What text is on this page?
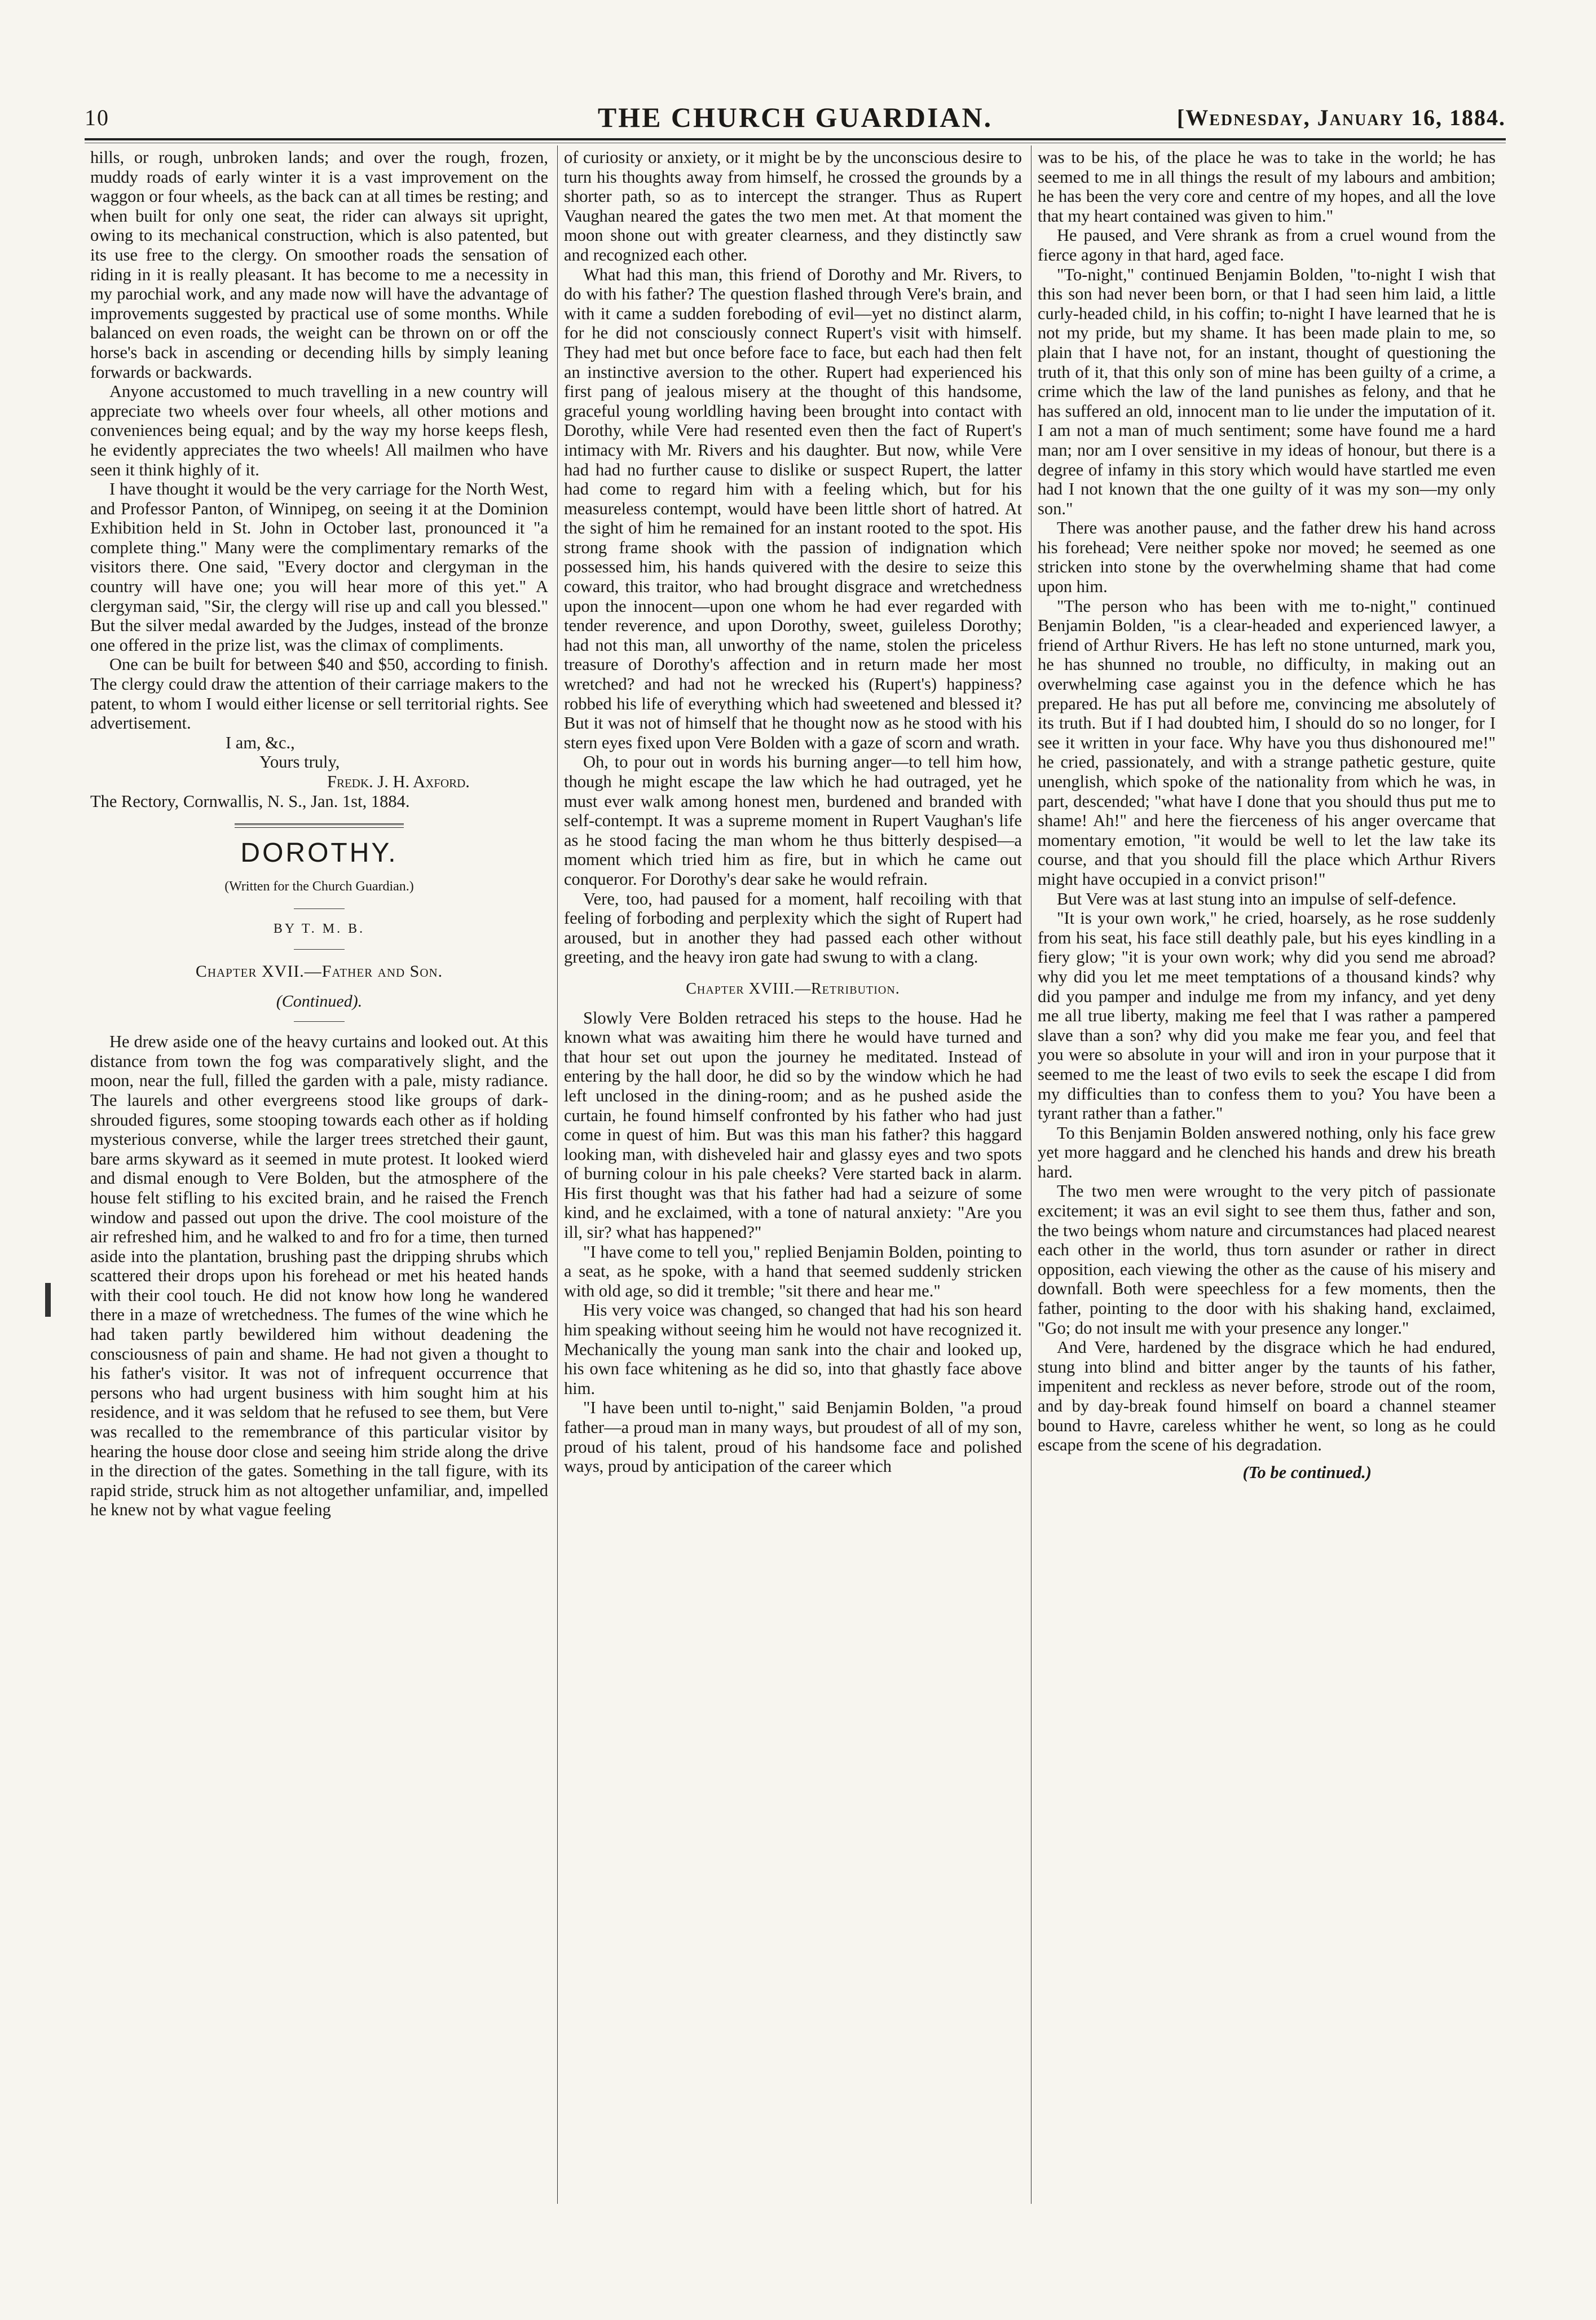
10	THE CHURCH GUARDIAN.	[Wednesday, January 16, 1884.

hills, or rough, unbroken lands; and over the rough, frozen, muddy roads of early winter it is a vast improvement on the waggon or four wheels, as the back can at all times be resting; and when built for only one seat, the rider can always sit upright, owing to its mechanical construction, which is also patented, but its use free to the clergy. On smoother roads the sensation of riding in it is really pleasant. It has become to me a necessity in my parochial work, and any made now will have the advantage of improvements suggested by practical use of some months. While balanced on even roads, the weight can be thrown on or off the horse's back in ascending or decending hills by simply leaning forwards or backwards.

Anyone accustomed to much travelling in a new country will appreciate two wheels over four wheels, all other motions and conveniences being equal; and by the way my horse keeps flesh, he evidently appreciates the two wheels! All mailmen who have seen it think highly of it.

I have thought it would be the very carriage for the North West, and Professor Panton, of Winnipeg, on seeing it at the Dominion Exhibition held in St. John in October last, pronounced it "a complete thing." Many were the complimentary remarks of the visitors there. One said, "Every doctor and clergyman in the country will have one; you will hear more of this yet." A clergyman said, "Sir, the clergy will rise up and call you blessed." But the silver medal awarded by the Judges, instead of the bronze one offered in the prize list, was the climax of compliments.

One can be built for between $40 and $50, according to finish. The clergy could draw the attention of their carriage makers to the patent, to whom I would either license or sell territorial rights. See advertisement.

I am, &c.,
Yours truly,
Fredk. J. H. Axford.
The Rectory, Cornwallis, N. S., Jan. 1st, 1884.
DOROTHY.
(Written for the Church Guardian.)
BY T. M. B.
Chapter XVII.—Father and Son.
(Continued).

He drew aside one of the heavy curtains and looked out. At this distance from town the fog was comparatively slight, and the moon, near the full, filled the garden with a pale, misty radiance. The laurels and other evergreens stood like groups of dark-shrouded figures, some stooping towards each other as if holding mysterious converse, while the larger trees stretched their gaunt, bare arms skyward as it seemed in mute protest. It looked wierd and dismal enough to Vere Bolden, but the atmosphere of the house felt stifling to his excited brain, and he raised the French window and passed out upon the drive. The cool moisture of the air refreshed him, and he walked to and fro for a time, then turned aside into the plantation, brushing past the dripping shrubs which scattered their drops upon his forehead or met his heated hands with their cool touch. He did not know how long he wandered there in a maze of wretchedness. The fumes of the wine which he had taken partly bewildered him without deadening the consciousness of pain and shame. He had not given a thought to his father's visitor. It was not of infrequent occurrence that persons who had urgent business with him sought him at his residence, and it was seldom that he refused to see them, but Vere was recalled to the remembrance of this particular visitor by hearing the house door close and seeing him stride along the drive in the direction of the gates. Something in the tall figure, with its rapid stride, struck him as not altogether unfamiliar, and, impelled he knew not by what vague feeling

of curiosity or anxiety, or it might be by the unconscious desire to turn his thoughts away from himself, he crossed the grounds by a shorter path, so as to intercept the stranger. Thus as Rupert Vaughan neared the gates the two men met. At that moment the moon shone out with greater clearness, and they distinctly saw and recognized each other.

What had this man, this friend of Dorothy and Mr. Rivers, to do with his father? The question flashed through Vere's brain, and with it came a sudden foreboding of evil—yet no distinct alarm, for he did not consciously connect Rupert's visit with himself. They had met but once before face to face, but each had then felt an instinctive aversion to the other. Rupert had experienced his first pang of jealous misery at the thought of this handsome, graceful young worldling having been brought into contact with Dorothy, while Vere had resented even then the fact of Rupert's intimacy with Mr. Rivers and his daughter. But now, while Vere had had no further cause to dislike or suspect Rupert, the latter had come to regard him with a feeling which, but for his measureless contempt, would have been little short of hatred. At the sight of him he remained for an instant rooted to the spot. His strong frame shook with the passion of indignation which possessed him, his hands quivered with the desire to seize this coward, this traitor, who had brought disgrace and wretchedness upon the innocent—upon one whom he had ever regarded with tender reverence, and upon Dorothy, sweet, guileless Dorothy; had not this man, all unworthy of the name, stolen the priceless treasure of Dorothy's affection and in return made her most wretched? and had not he wrecked his (Rupert's) happiness? robbed his life of everything which had sweetened and blessed it? But it was not of himself that he thought now as he stood with his stern eyes fixed upon Vere Bolden with a gaze of scorn and wrath.

Oh, to pour out in words his burning anger—to tell him how, though he might escape the law which he had outraged, yet he must ever walk among honest men, burdened and branded with self-contempt. It was a supreme moment in Rupert Vaughan's life as he stood facing the man whom he thus bitterly despised—a moment which tried him as fire, but in which he came out conqueror. For Dorothy's dear sake he would refrain.

Vere, too, had paused for a moment, half recoiling with that feeling of forboding and perplexity which the sight of Rupert had aroused, but in another they had passed each other without greeting, and the heavy iron gate had swung to with a clang.

Chapter XVIII.—Retribution.

Slowly Vere Bolden retraced his steps to the house. Had he known what was awaiting him there he would have turned and that hour set out upon the journey he meditated. Instead of entering by the hall door, he did so by the window which he had left unclosed in the dining-room; and as he pushed aside the curtain, he found himself confronted by his father who had just come in quest of him. But was this man his father? this haggard looking man, with disheveled hair and glassy eyes and two spots of burning colour in his pale cheeks? Vere started back in alarm. His first thought was that his father had had a seizure of some kind, and he exclaimed, with a tone of natural anxiety: "Are you ill, sir? what has happened?"

"I have come to tell you," replied Benjamin Bolden, pointing to a seat, as he spoke, with a hand that seemed suddenly stricken with old age, so did it tremble; "sit there and hear me."

His very voice was changed, so changed that had his son heard him speaking without seeing him he would not have recognized it. Mechanically the young man sank into the chair and looked up, his own face whitening as he did so, into that ghastly face above him.

"I have been until to-night," said Benjamin Bolden, "a proud father—a proud man in many ways, but proudest of all of my son, proud of his talent, proud of his handsome face and polished ways, proud by anticipation of the career which

was to be his, of the place he was to take in the world; he has seemed to me in all things the result of my labours and ambition; he has been the very core and centre of my hopes, and all the love that my heart contained was given to him."

He paused, and Vere shrank as from a cruel wound from the fierce agony in that hard, aged face.

"To-night," continued Benjamin Bolden, "to-night I wish that this son had never been born, or that I had seen him laid, a little curly-headed child, in his coffin; to-night I have learned that he is not my pride, but my shame. It has been made plain to me, so plain that I have not, for an instant, thought of questioning the truth of it, that this only son of mine has been guilty of a crime, a crime which the law of the land punishes as felony, and that he has suffered an old, innocent man to lie under the imputation of it. I am not a man of much sentiment; some have found me a hard man; nor am I over sensitive in my ideas of honour, but there is a degree of infamy in this story which would have startled me even had I not known that the one guilty of it was my son—my only son."

There was another pause, and the father drew his hand across his forehead; Vere neither spoke nor moved; he seemed as one stricken into stone by the overwhelming shame that had come upon him.

"The person who has been with me to-night," continued Benjamin Bolden, "is a clear-headed and experienced lawyer, a friend of Arthur Rivers. He has left no stone unturned, mark you, he has shunned no trouble, no difficulty, in making out an overwhelming case against you in the defence which he has prepared. He has put all before me, convincing me absolutely of its truth. But if I had doubted him, I should do so no longer, for I see it written in your face. Why have you thus dishonoured me!" he cried, passionately, and with a strange pathetic gesture, quite unenglish, which spoke of the nationality from which he was, in part, descended; "what have I done that you should thus put me to shame! Ah!" and here the fierceness of his anger overcame that momentary emotion, "it would be well to let the law take its course, and that you should fill the place which Arthur Rivers might have occupied in a convict prison!"

But Vere was at last stung into an impulse of self-defence.

"It is your own work," he cried, hoarsely, as he rose suddenly from his seat, his face still deathly pale, but his eyes kindling in a fiery glow; "it is your own work; why did you send me abroad? why did you let me meet temptations of a thousand kinds? why did you pamper and indulge me from my infancy, and yet deny me all true liberty, making me feel that I was rather a pampered slave than a son? why did you make me fear you, and feel that you were so absolute in your will and iron in your purpose that it seemed to me the least of two evils to seek the escape I did from my difficulties than to confess them to you? You have been a tyrant rather than a father."

To this Benjamin Bolden answered nothing, only his face grew yet more haggard and he clenched his hands and drew his breath hard.

The two men were wrought to the very pitch of passionate excitement; it was an evil sight to see them thus, father and son, the two beings whom nature and circumstances had placed nearest each other in the world, thus torn asunder or rather in direct opposition, each viewing the other as the cause of his misery and downfall. Both were speechless for a few moments, then the father, pointing to the door with his shaking hand, exclaimed, "Go; do not insult me with your presence any longer."

And Vere, hardened by the disgrace which he had endured, stung into blind and bitter anger by the taunts of his father, impenitent and reckless as never before, strode out of the room, and by day-break found himself on board a channel steamer bound to Havre, careless whither he went, so long as he could escape from the scene of his degradation.

(To be continued.)
